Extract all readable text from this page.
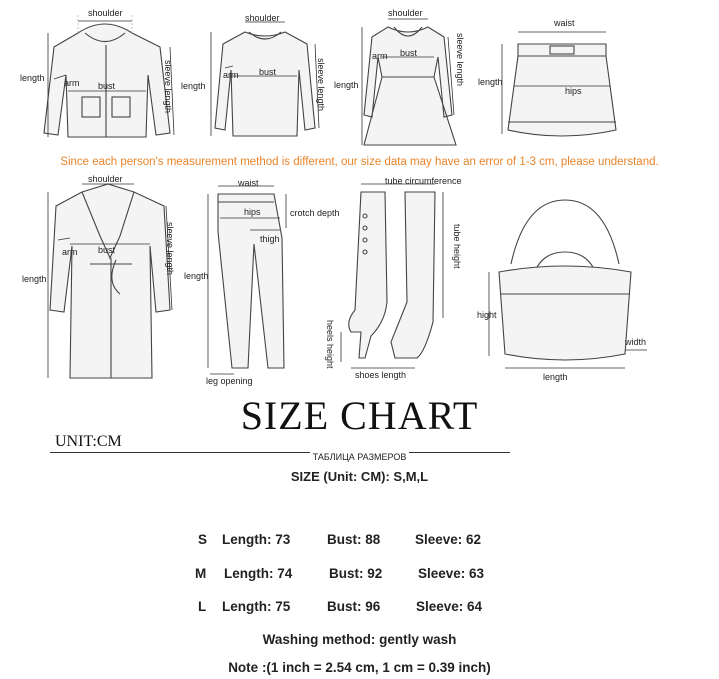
shoulder
arm bust
length	sleeve length
shoulder
arm bust
length	sleeve length
shoulder
arm bust
length	sleeve length
waist
length
hips
Since each person's measurement method is different, our size data may have an error of 1-3 cm, please understand.
shoulder
arm bust
length
sleeve length
waist
hips	crotch depth
thigh
length
leg opening
tube circumference
tube height
heels height
shoes length
hight
width
length
SIZE CHART
UNIT:CM
ТАБЛИЦА РАЗМЕРОВ
SIZE (Unit: CM): S,M,L
S Length: 73	Bust: 88	Sleeve: 62
M Length: 74	Bust: 92	Sleeve: 63
L Length: 75	Bust: 96	Sleeve: 64
Washing method: gently wash
Note :(1 inch = 2.54 cm, 1 cm = 0.39 inch)
